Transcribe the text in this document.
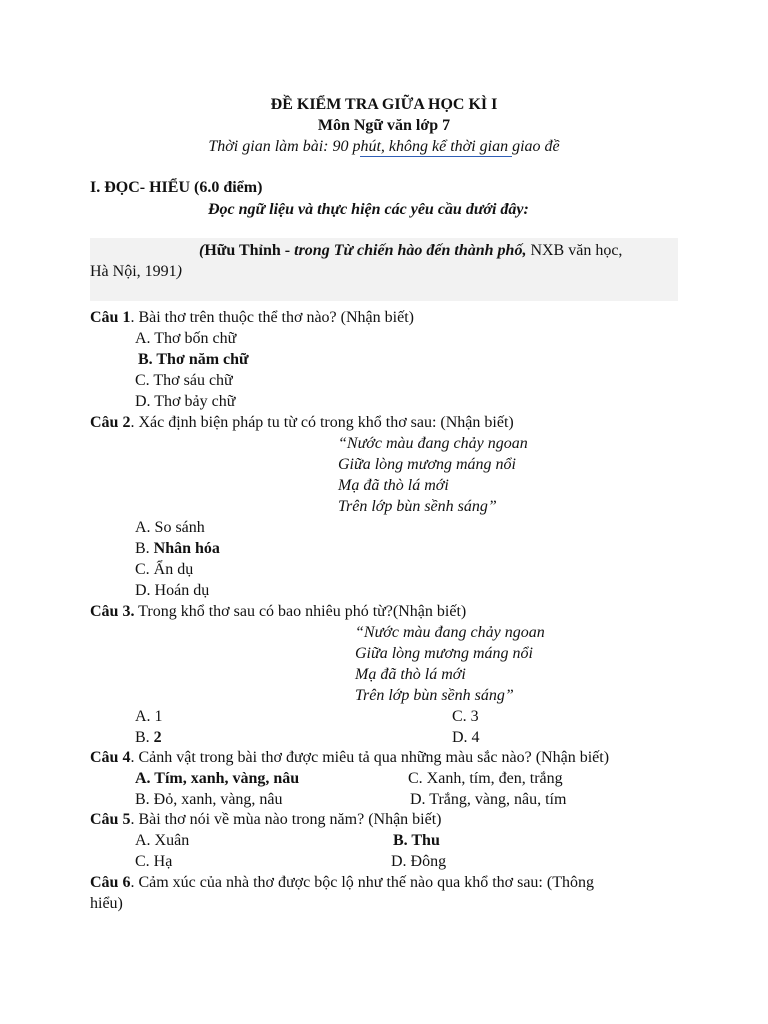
ĐỀ KIỂM TRA GIỮA HỌC KÌ I
Môn Ngữ văn lớp 7
Thời gian làm bài: 90 phút, không kể thời gian giao đề
I. ĐỌC- HIỂU (6.0 điểm)
Đọc ngữ liệu và thực hiện các yêu cầu dưới đây:
(Hữu Thỉnh - trong Từ chiến hào đến thành phố, NXB văn học,
Hà Nội, 1991)
Câu 1. Bài thơ trên thuộc thể thơ nào? (Nhận biết)
A. Thơ bốn chữ
B. Thơ năm chữ
C. Thơ sáu chữ
D. Thơ bảy chữ
Câu 2. Xác định biện pháp tu từ có trong khổ thơ sau: (Nhận biết)
“Nước màu đang chảy ngoan
Giữa lòng mương máng nổi
Mạ đã thò lá mới
Trên lớp bùn sềnh sáng”
A. So sánh
B. Nhân hóa
C. Ẩn dụ
D. Hoán dụ
Câu 3. Trong khổ thơ sau có bao nhiêu phó từ?(Nhận biết)
“Nước màu đang chảy ngoan
Giữa lòng mương máng nổi
Mạ đã thò lá mới
Trên lớp bùn sềnh sáng”
A. 1	C. 3
B. 2	D. 4
Câu 4. Cảnh vật trong bài thơ được miêu tả qua những màu sắc nào? (Nhận biết)
A. Tím, xanh, vàng, nâu	C. Xanh, tím, đen, trắng
B. Đỏ, xanh, vàng, nâu	D. Trắng, vàng, nâu, tím
Câu 5. Bài thơ nói về mùa nào trong năm? (Nhận biết)
A. Xuân	B. Thu
C. Hạ	D. Đông
Câu 6. Cảm xúc của nhà thơ được bộc lộ như thế nào qua khổ thơ sau: (Thông
hiểu)
